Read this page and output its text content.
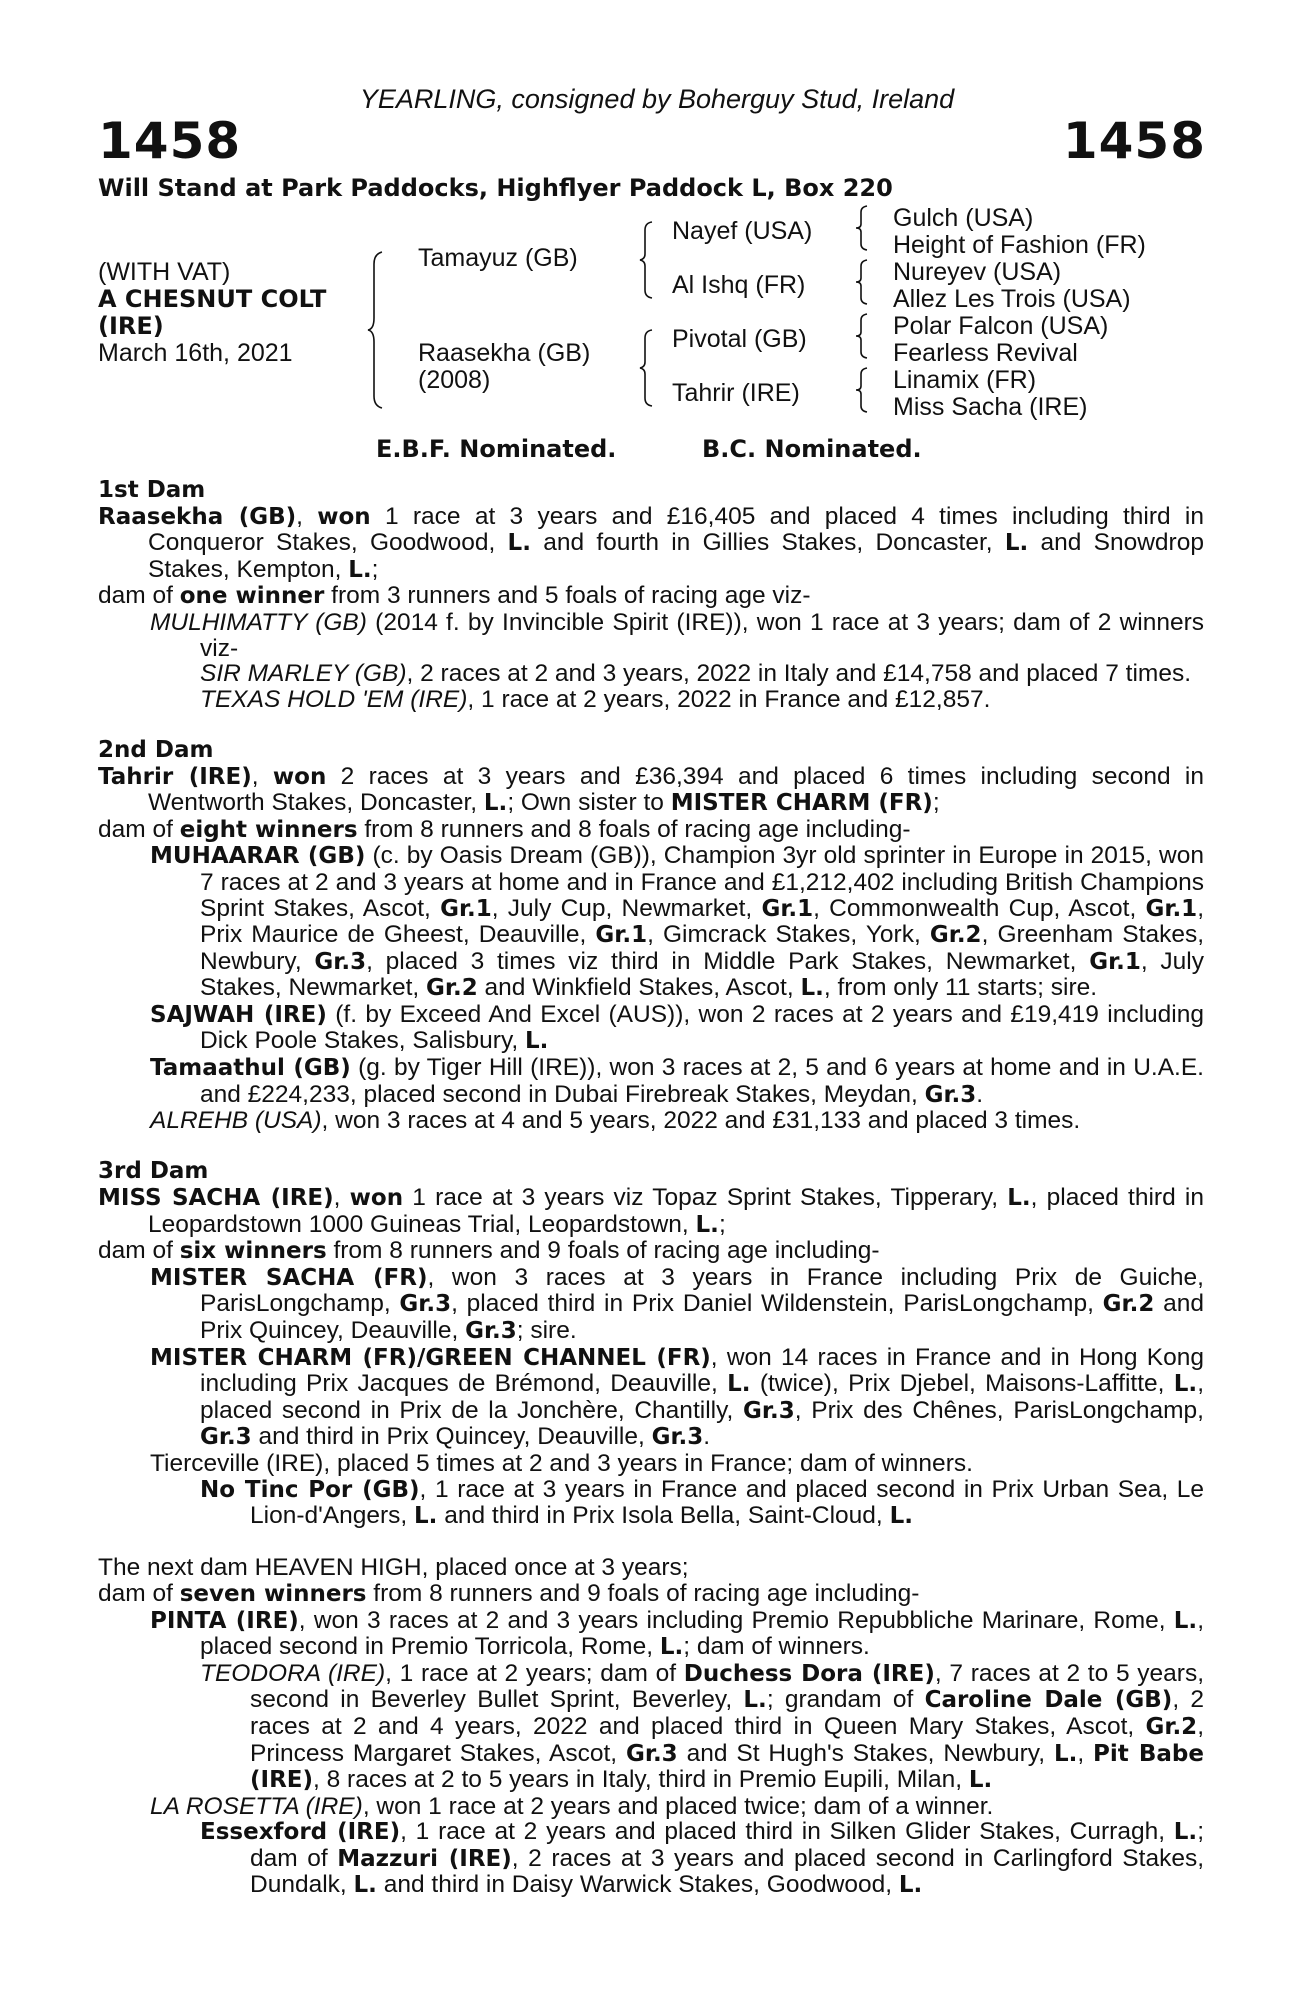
YEARLING, consigned by Boherguy Stud, Ireland
1458	1458
Will Stand at Park Paddocks, Highflyer Paddock L, Box 220
(WITH VAT)
A CHESNUT COLT
(IRE)
March 16th, 2021
Tamayuz (GB)
Raasekha (GB)
(2008)
Nayef (USA)
Al Ishq (FR)
Pivotal (GB)
Tahrir (IRE)
Gulch (USA)
Height of Fashion (FR)
Nureyev (USA)
Allez Les Trois (USA)
Polar Falcon (USA)
Fearless Revival
Linamix (FR)
Miss Sacha (IRE)
E.B.F. Nominated.	B.C. Nominated.
1st Dam
Raasekha (GB), won 1 race at 3 years and £16,405 and placed 4 times including third in Conqueror Stakes, Goodwood, L. and fourth in Gillies Stakes, Doncaster, L. and Snowdrop Stakes, Kempton, L.;
dam of one winner from 3 runners and 5 foals of racing age viz-
MULHIMATTY (GB) (2014 f. by Invincible Spirit (IRE)), won 1 race at 3 years; dam of 2 winners viz-
SIR MARLEY (GB), 2 races at 2 and 3 years, 2022 in Italy and £14,758 and placed 7 times.
TEXAS HOLD 'EM (IRE), 1 race at 2 years, 2022 in France and £12,857.
2nd Dam
Tahrir (IRE), won 2 races at 3 years and £36,394 and placed 6 times including second in Wentworth Stakes, Doncaster, L.; Own sister to MISTER CHARM (FR);
dam of eight winners from 8 runners and 8 foals of racing age including-
MUHAARAR (GB) (c. by Oasis Dream (GB)), Champion 3yr old sprinter in Europe in 2015, won 7 races at 2 and 3 years at home and in France and £1,212,402 including British Champions Sprint Stakes, Ascot, Gr.1, July Cup, Newmarket, Gr.1, Commonwealth Cup, Ascot, Gr.1, Prix Maurice de Gheest, Deauville, Gr.1, Gimcrack Stakes, York, Gr.2, Greenham Stakes, Newbury, Gr.3, placed 3 times viz third in Middle Park Stakes, Newmarket, Gr.1, July Stakes, Newmarket, Gr.2 and Winkfield Stakes, Ascot, L., from only 11 starts; sire.
SAJWAH (IRE) (f. by Exceed And Excel (AUS)), won 2 races at 2 years and £19,419 including Dick Poole Stakes, Salisbury, L.
Tamaathul (GB) (g. by Tiger Hill (IRE)), won 3 races at 2, 5 and 6 years at home and in U.A.E. and £224,233, placed second in Dubai Firebreak Stakes, Meydan, Gr.3.
ALREHB (USA), won 3 races at 4 and 5 years, 2022 and £31,133 and placed 3 times.
3rd Dam
MISS SACHA (IRE), won 1 race at 3 years viz Topaz Sprint Stakes, Tipperary, L., placed third in Leopardstown 1000 Guineas Trial, Leopardstown, L.;
dam of six winners from 8 runners and 9 foals of racing age including-
MISTER SACHA (FR), won 3 races at 3 years in France including Prix de Guiche, ParisLongchamp, Gr.3, placed third in Prix Daniel Wildenstein, ParisLongchamp, Gr.2 and Prix Quincey, Deauville, Gr.3; sire.
MISTER CHARM (FR)/GREEN CHANNEL (FR), won 14 races in France and in Hong Kong including Prix Jacques de Brémond, Deauville, L. (twice), Prix Djebel, Maisons-Laffitte, L., placed second in Prix de la Jonchère, Chantilly, Gr.3, Prix des Chênes, ParisLongchamp, Gr.3 and third in Prix Quincey, Deauville, Gr.3.
Tierceville (IRE), placed 5 times at 2 and 3 years in France; dam of winners.
No Tinc Por (GB), 1 race at 3 years in France and placed second in Prix Urban Sea, Le Lion-d'Angers, L. and third in Prix Isola Bella, Saint-Cloud, L.
The next dam HEAVEN HIGH, placed once at 3 years;
dam of seven winners from 8 runners and 9 foals of racing age including-
PINTA (IRE), won 3 races at 2 and 3 years including Premio Repubbliche Marinare, Rome, L., placed second in Premio Torricola, Rome, L.; dam of winners.
TEODORA (IRE), 1 race at 2 years; dam of Duchess Dora (IRE), 7 races at 2 to 5 years, second in Beverley Bullet Sprint, Beverley, L.; grandam of Caroline Dale (GB), 2 races at 2 and 4 years, 2022 and placed third in Queen Mary Stakes, Ascot, Gr.2, Princess Margaret Stakes, Ascot, Gr.3 and St Hugh's Stakes, Newbury, L., Pit Babe (IRE), 8 races at 2 to 5 years in Italy, third in Premio Eupili, Milan, L.
LA ROSETTA (IRE), won 1 race at 2 years and placed twice; dam of a winner.
Essexford (IRE), 1 race at 2 years and placed third in Silken Glider Stakes, Curragh, L.; dam of Mazzuri (IRE), 2 races at 3 years and placed second in Carlingford Stakes, Dundalk, L. and third in Daisy Warwick Stakes, Goodwood, L.
